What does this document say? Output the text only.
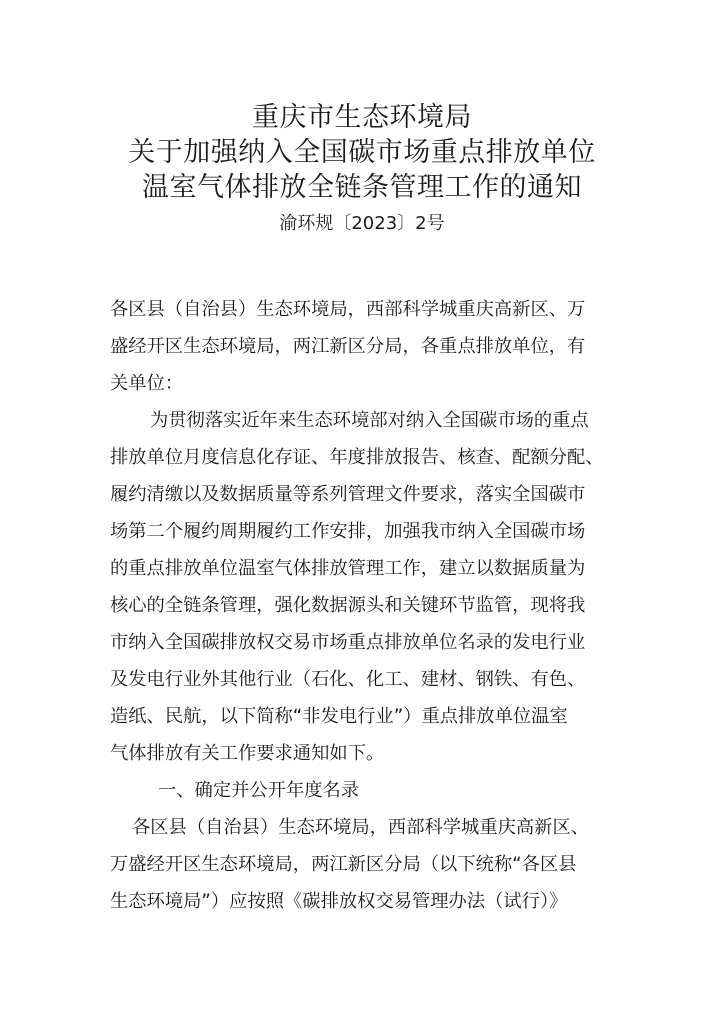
重庆市生态环境局
关于加强纳入全国碳市场重点排放单位
温室气体排放全链条管理工作的通知
渝环规〔2023〕2号
各区县（自治县）生态环境局，西部科学城重庆高新区、万
盛经开区生态环境局，两江新区分局，各重点排放单位，有
关单位：
为贯彻落实近年来生态环境部对纳入全国碳市场的重点
排放单位月度信息化存证、年度排放报告、核查、配额分配、
履约清缴以及数据质量等系列管理文件要求，落实全国碳市
场第二个履约周期履约工作安排，加强我市纳入全国碳市场
的重点排放单位温室气体排放管理工作，建立以数据质量为
核心的全链条管理，强化数据源头和关键环节监管，现将我
市纳入全国碳排放权交易市场重点排放单位名录的发电行业
及发电行业外其他行业（石化、化工、建材、钢铁、有色、
造纸、民航，以下简称“非发电行业”）重点排放单位温室
气体排放有关工作要求通知如下。
一、确定并公开年度名录
各区县（自治县）生态环境局，西部科学城重庆高新区、
万盛经开区生态环境局，两江新区分局（以下统称“各区县
生态环境局”）应按照《碳排放权交易管理办法（试行）》
